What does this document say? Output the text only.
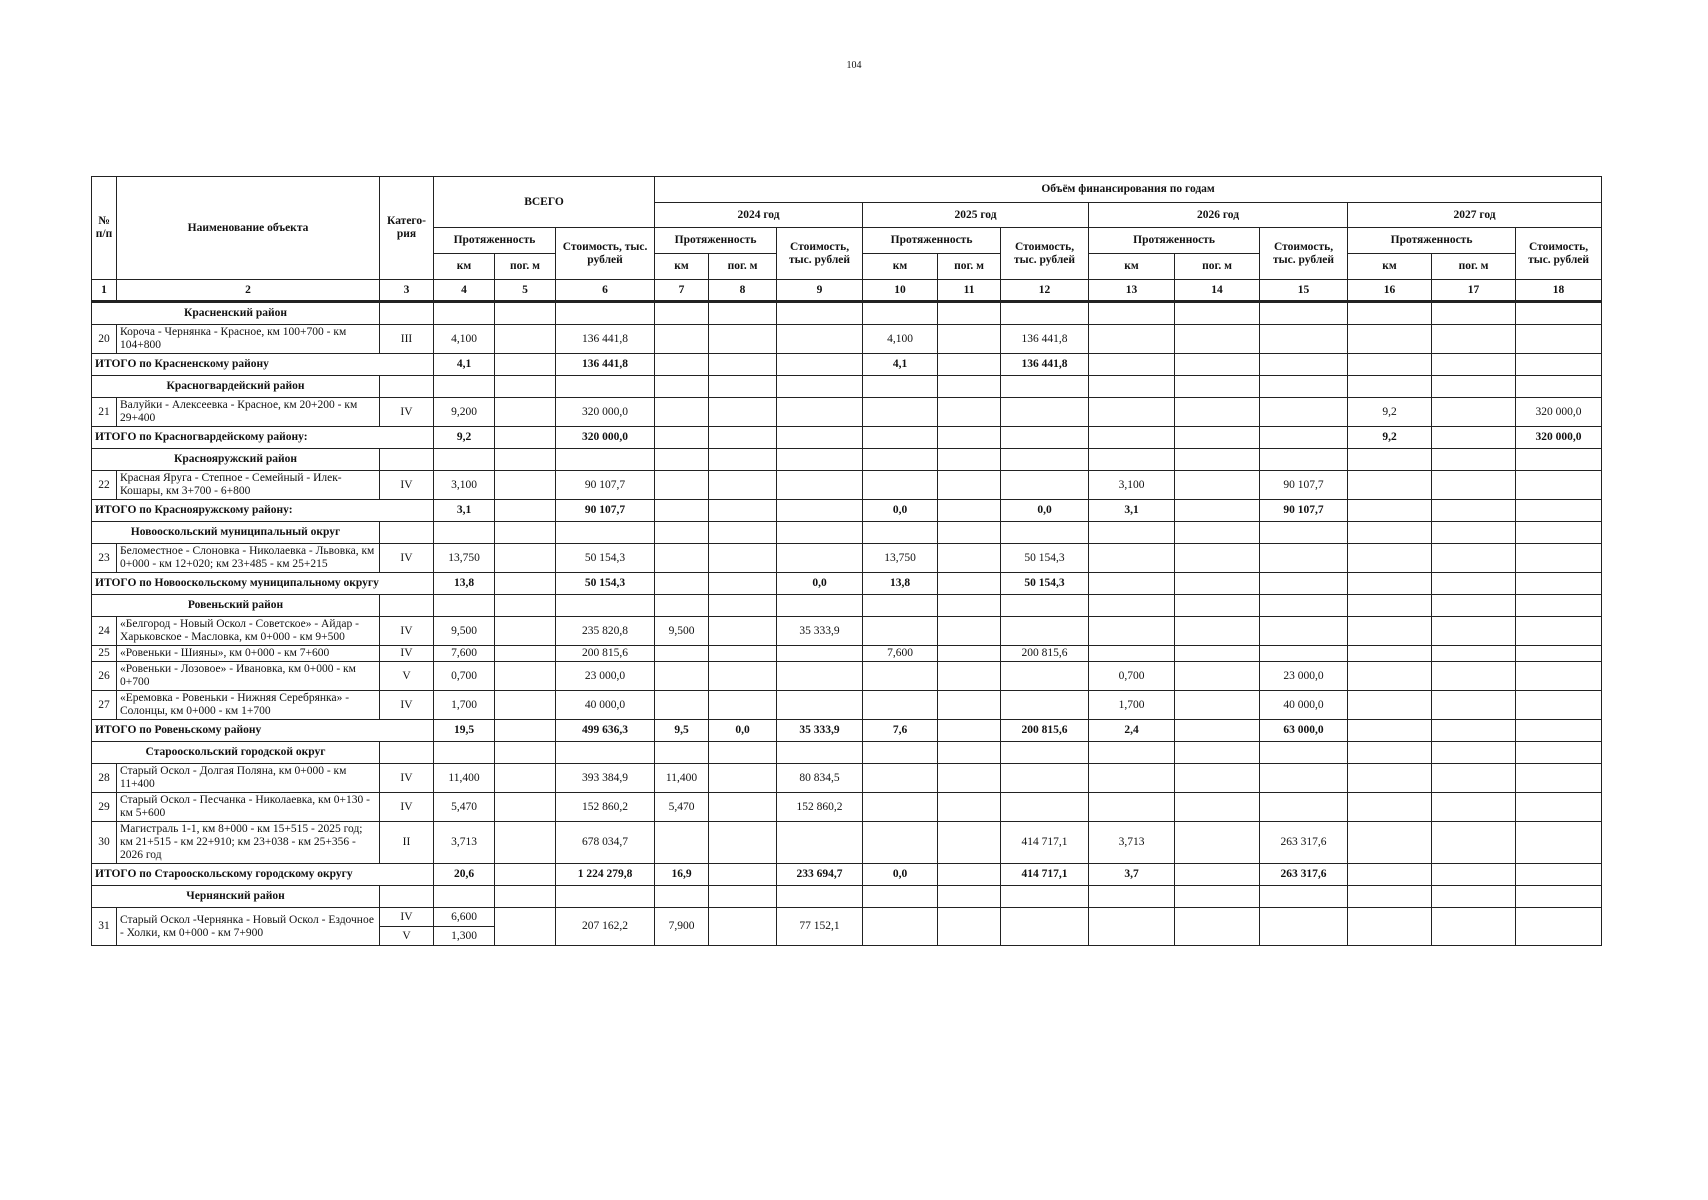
104
№ п/п	Наименование объекта	Катего-рия	ВСЕГО			Объём финансирования по годам											
						2024 год			2025 год			2026 год			2027 год		
			Протяженность		Стоимость, тыс. рублей	Протяженность		Стоимость, тыс. рублей	Протяженность		Стоимость, тыс. рублей	Протяженность		Стоимость, тыс. рублей	Протяженность		Стоимость, тыс. рублей
			км	пог. м		км	пог. м		км	пог. м		км	пог. м		км	пог. м	
1	2	3	4	5	6	7	8	9	10	11	12	13	14	15	16	17	18
Красненский район																	
20	Короча - Чернянка - Красное, км 100+700 - км 104+800	III	4,100		136 441,8				4,100		136 441,8						
ИТОГО по Красненскому району			4,1		136 441,8				4,1		136 441,8						
Красногвардейский район																	
21	Валуйки - Алексеевка - Красное, км 20+200 - км 29+400	IV	9,200		320 000,0										9,2		320 000,0
ИТОГО по Красногвардейскому району:			9,2		320 000,0										9,2		320 000,0
Краснояружский район																	
22	Красная Яруга - Степное - Семейный - Илек-Кошары, км 3+700 - 6+800	IV	3,100		90 107,7							3,100		90 107,7			
ИТОГО по Краснояружскому району:			3,1		90 107,7				0,0		0,0	3,1		90 107,7			
Новооскольский муниципальный округ																	
23	Беломестное - Слоновка - Николаевка - Львовка, км 0+000 - км 12+020; км 23+485 - км 25+215	IV	13,750		50 154,3				13,750		50 154,3						
ИТОГО по Новооскольскому муниципальному округу			13,8		50 154,3			0,0	13,8		50 154,3						
Ровеньский район																	
24	«Белгород - Новый Оскол - Советское» - Айдар - Харьковское - Масловка, км 0+000 - км 9+500	IV	9,500		235 820,8	9,500		35 333,9									
25	«Ровеньки - Шияны», км 0+000 - км 7+600	IV	7,600		200 815,6				7,600		200 815,6						
26	«Ровеньки - Лозовое» - Ивановка, км 0+000 - км 0+700	V	0,700		23 000,0							0,700		23 000,0			
27	«Еремовка - Ровеньки - Нижняя Серебрянка» - Солонцы, км 0+000 - км 1+700	IV	1,700		40 000,0							1,700		40 000,0			
ИТОГО по Ровеньскому району			19,5		499 636,3	9,5	0,0	35 333,9	7,6		200 815,6	2,4		63 000,0			
Старооскольский городской округ																	
28	Старый Оскол - Долгая Поляна, км 0+000 - км 11+400	IV	11,400		393 384,9	11,400		80 834,5									
29	Старый Оскол - Песчанка - Николаевка, км 0+130 - км 5+600	IV	5,470		152 860,2	5,470		152 860,2									
30	Магистраль 1-1, км 8+000 - км 15+515 - 2025 год; км 21+515 - км 22+910; км 23+038 - км 25+356 - 2026 год	II	3,713		678 034,7						414 717,1	3,713		263 317,6			
ИТОГО по Старооскольскому городскому округу			20,6		1 224 279,8	16,9		233 694,7	0,0		414 717,1	3,7		263 317,6			
Чернянский район																	
31	Старый Оскол -Чернянка - Новый Оскол - Ездочное - Холки, км 0+000 - км 7+900	IV	6,600		207 162,2	7,900		77 152,1									
		V	1,300														
